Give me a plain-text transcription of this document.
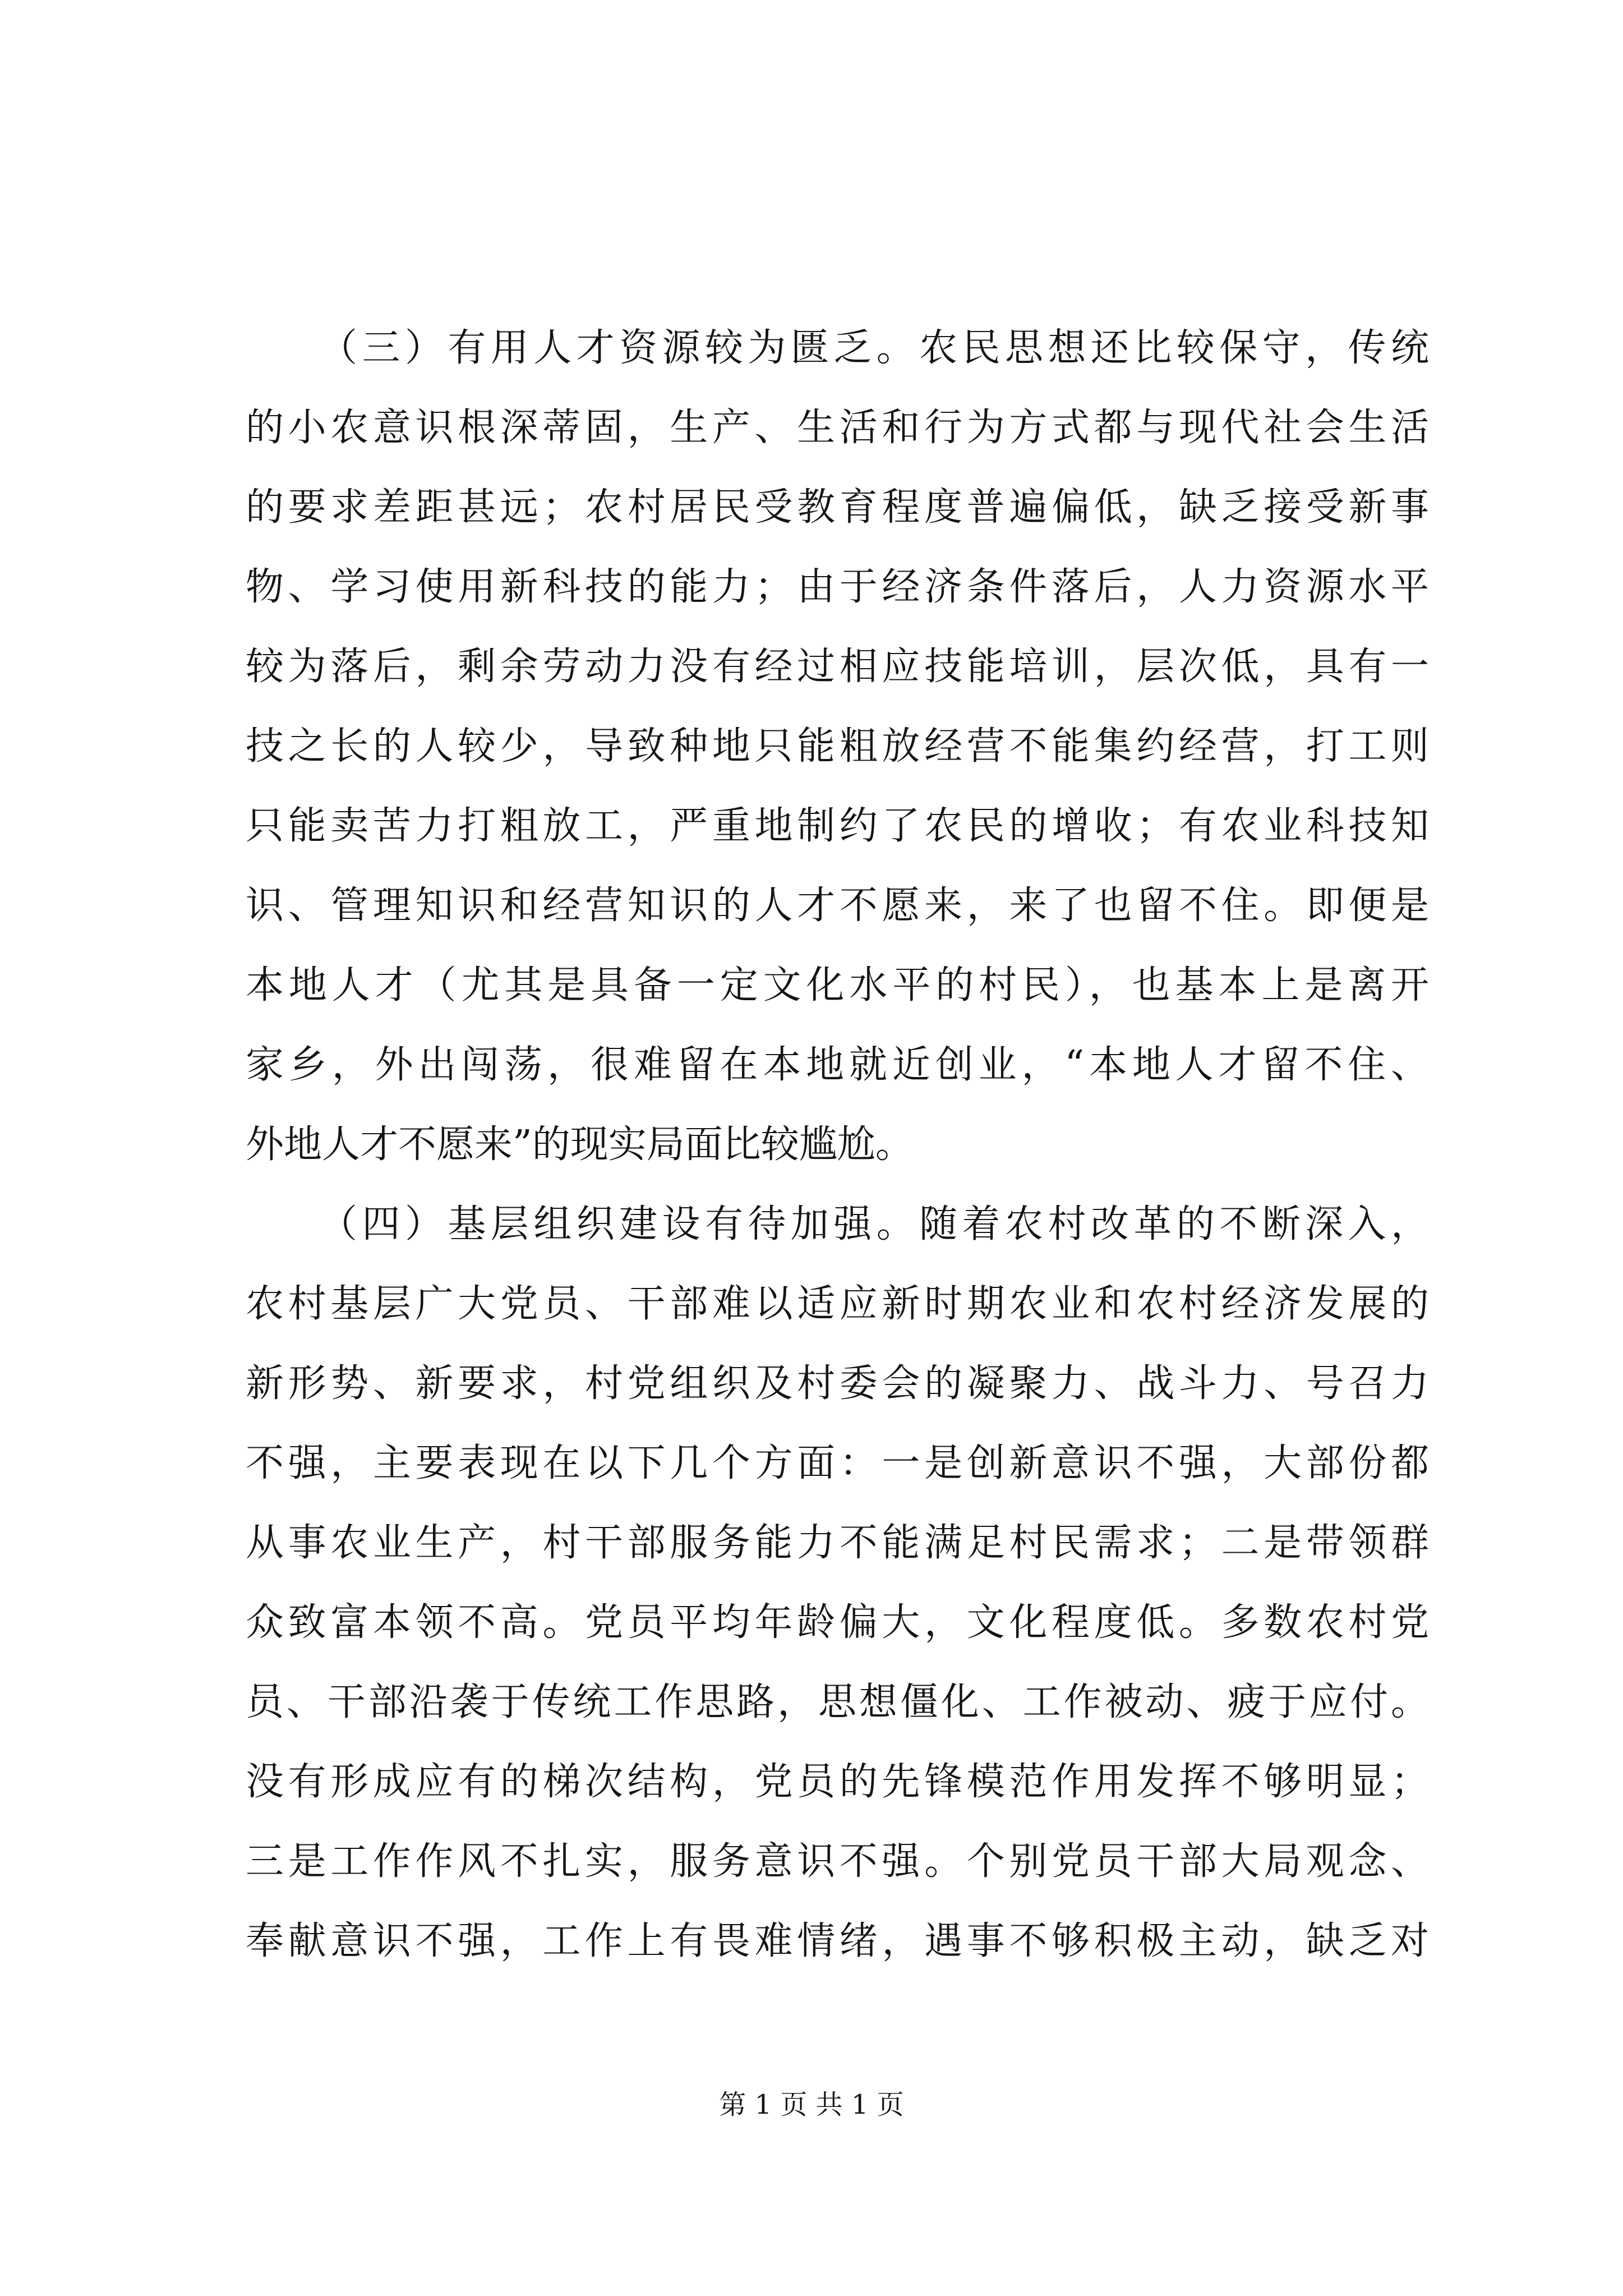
（三）有用人才资源较为匮乏。农民思想还比较保守，传统
的小农意识根深蒂固，生产、生活和行为方式都与现代社会生活
的要求差距甚远；农村居民受教育程度普遍偏低，缺乏接受新事
物、学习使用新科技的能力；由于经济条件落后，人力资源水平
较为落后，剩余劳动力没有经过相应技能培训，层次低，具有一
技之长的人较少，导致种地只能粗放经营不能集约经营，打工则
只能卖苦力打粗放工，严重地制约了农民的增收；有农业科技知
识、管理知识和经营知识的人才不愿来，来了也留不住。即便是
本地人才（尤其是具备一定文化水平的村民），也基本上是离开
家乡，外出闯荡，很难留在本地就近创业，“本地人才留不住、
外地人才不愿来”的现实局面比较尴尬。
（四）基层组织建设有待加强。随着农村改革的不断深入，
农村基层广大党员、干部难以适应新时期农业和农村经济发展的
新形势、新要求，村党组织及村委会的凝聚力、战斗力、号召力
不强，主要表现在以下几个方面：一是创新意识不强，大部份都
从事农业生产，村干部服务能力不能满足村民需求；二是带领群
众致富本领不高。党员平均年龄偏大，文化程度低。多数农村党
员、干部沿袭于传统工作思路，思想僵化、工作被动、疲于应付。
没有形成应有的梯次结构，党员的先锋模范作用发挥不够明显；
三是工作作风不扎实，服务意识不强。个别党员干部大局观念、
奉献意识不强，工作上有畏难情绪，遇事不够积极主动，缺乏对
第 1 页 共 1 页
